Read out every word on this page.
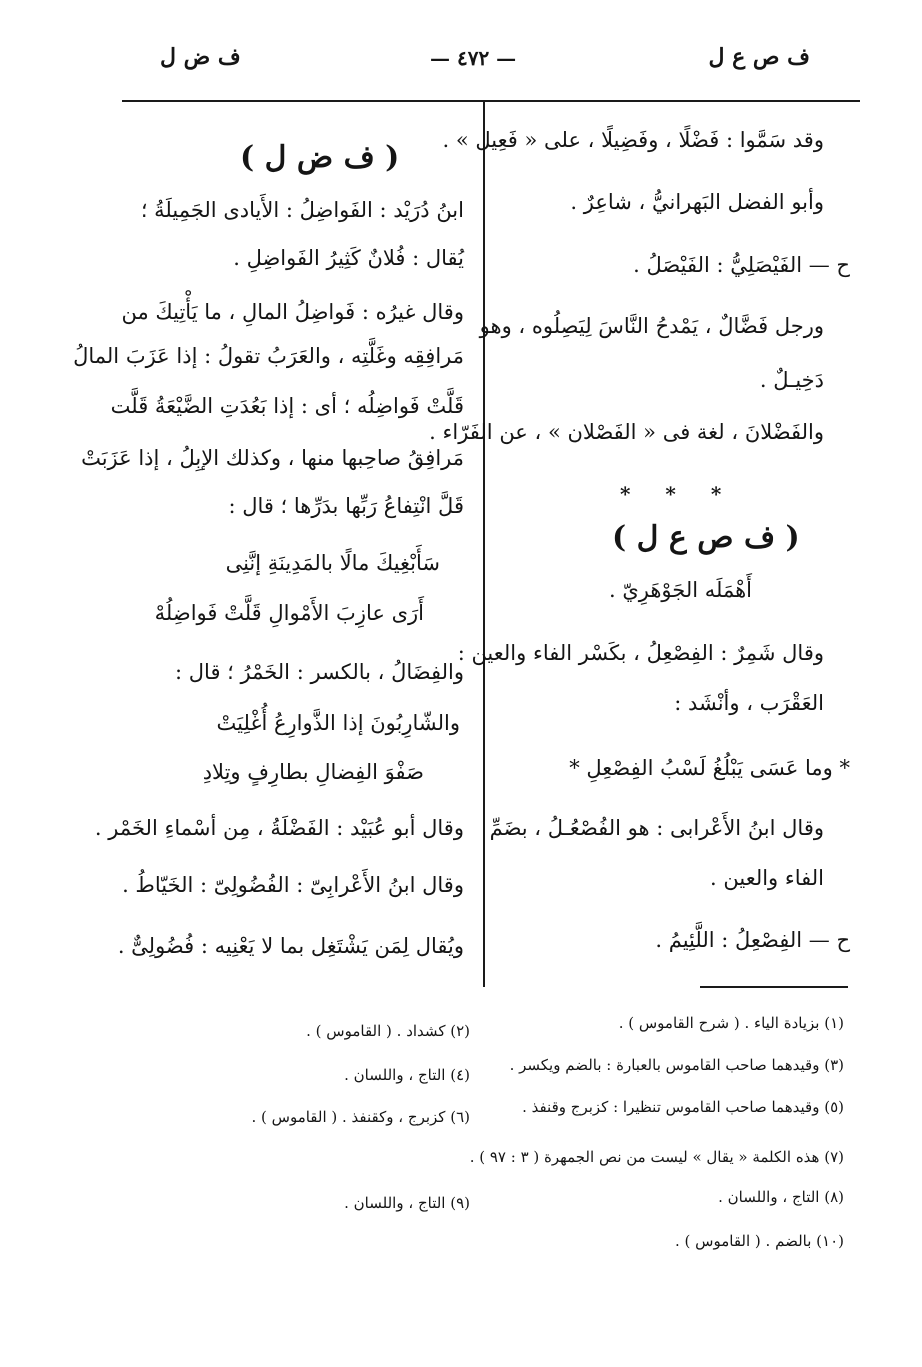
ف ص ع ل
— ٤٧٢ —
ف ض ل
وقد سَمَّوا : فَضْلًا ، وفَضِيلًا ، على « فَعِيل » .
وأبو الفضل البَهرانيُّ ، شاعِرٌ .
ح — الفَيْصَلِيُّ : الفَيْصَلُ .
ورجل فَضَّالٌ ، يَمْدحُ النَّاسَ لِيَصِلُوه ، وهو
دَخِيـلٌ .
والفَضْلانَ ، لغة فى « الفَصْلان » ، عن الفَرّاء .
* * *
( ف ص ع ل )
أَهْمَلَه الجَوْهَرِيّ .
وقال شَمِرٌ : الفِصْعِلُ ، بكَسْر الفاء والعين :
العَقْرَب ، وأنْشَد :
* وما عَسَى يَبْلُغُ لَسْبُ الفِصْعِلِ *
وقال ابنُ الأَعْرابى : هو الفُصْعُـلُ ، بضَمِّ
الفاء والعين .
ح — الفِصْعِلُ : اللَّئِيمُ .
( ف ض ل )
ابنُ دُرَيْد : الفَواضِلُ : الأَيادى الجَمِيلَةُ ؛
يُقال : فُلانٌ كَثِيرُ الفَواضِلِ .
وقال غيرُه : فَواضِلُ المالِ ، ما يَأْتِيكَ من
مَرافِقِه وغَلَّتِه ، والعَرَبُ تقولُ : إذا عَزَبَ المالُ
قَلَّتْ فَواضِلُه ؛ أى : إذا بَعُدَتِ الضَّيْعَةُ قَلَّت
مَرافِقُ صاحِبها منها ، وكذلك الإبِلُ ، إذا عَزَبَتْ
قَلَّ انْتِفاعُ رَبِّها بدَرِّها ؛ قال :
سَأَبْغِيكَ مالًا بالمَدِينَةِ إنَّنِى
أَرَى عازِبَ الأَمْوالِ قَلَّتْ فَواضِلُهْ
والفِضَالُ ، بالكسر : الخَمْرُ ؛ قال :
والشّارِبُونَ إذا الذَّوارِعُ أُغْلِيَتْ
صَفْوَ الفِضالِ بطارِفٍ وتِلادِ
وقال أبو عُبَيْد : الفَضْلَةُ ، مِن أسْماءِ الخَمْر .
وقال ابنُ الأَعْرابِىّ : الفُضُولِىّ : الخَيّاطُ .
ويُقال لِمَن يَشْتَغِل بما لا يَعْنِيه : فُضُولِىٌّ .
(١) بزيادة الياء . ( شرح القاموس ) .
(٣) وقيدهما صاحب القاموس بالعبارة : بالضم ويكسر .
(٥) وقيدهما صاحب القاموس تنظيرا : كزبرج وقنفذ .
(٢) كشداد . ( القاموس ) .
(٤) التاج ، واللسان .
(٦) كزبرج ، وكقنفذ . ( القاموس ) .
(٧) هذه الكلمة « يقال » ليست من نص الجمهرة ( ٣ : ٩٧ ) .
(٨) التاج ، واللسان .
(٩) التاج ، واللسان .
(١٠) بالضم . ( القاموس ) .
